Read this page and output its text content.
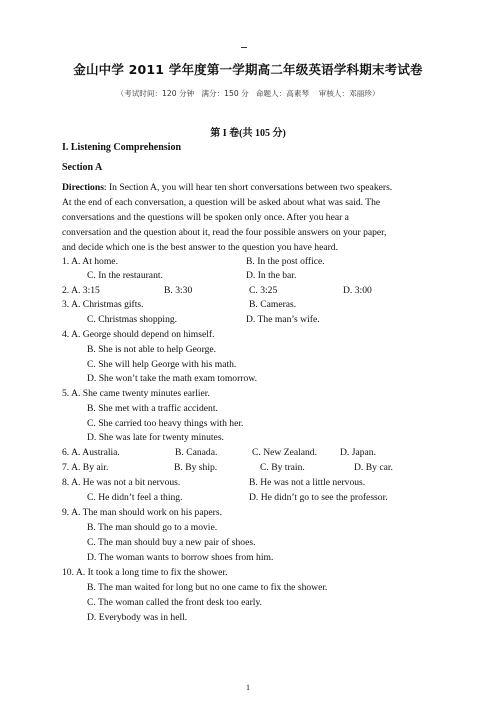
金山中学 2011 学年度第一学期高二年级英语学科期末考试卷
（考试时间：120 分钟   满分：150 分   命题人：高素琴    审核人：邓丽珍）
第 I 卷(共 105 分)
I. Listening Comprehension
Section A
Directions: In Section A, you will hear ten short conversations between two speakers.
At the end of each conversation, a question will be asked about what was said. The
conversations and the questions will be spoken only once. After you hear a
conversation and the question about it, read the four possible answers on your paper,
and decide which one is the best answer to the question you have heard.
1. A. At home.	B. In the post office.
C. In the restaurant.	D. In the bar.
2. A. 3:15	B. 3:30	C. 3:25	D. 3:00
3. A. Christmas gifts.	B. Cameras.
C. Christmas shopping.	D. The man’s wife.
4. A. George should depend on himself.
B. She is not able to help George.
C. She will help George with his math.
D. She won’t take the math exam tomorrow.
5. A. She came twenty minutes earlier.
B. She met with a traffic accident.
C. She carried too heavy things with her.
D. She was late for twenty minutes.
6. A. Australia.	B. Canada.	C. New Zealand. D. Japan.
7. A. By air.	B. By ship.	C. By train.	D. By car.
8. A. He was not a bit nervous.	B. He was not a little nervous.
C. He didn’t feel a thing.	D. He didn’t go to see the professor.
9. A. The man should work on his papers.
B. The man should go to a movie.
C. The man should buy a new pair of shoes.
D. The woman wants to borrow shoes from him.
10. A. It took a long time to fix the shower.
B. The man waited for long but no one came to fix the shower.
C. The woman called the front desk too early.
D. Everybody was in hell.
1
